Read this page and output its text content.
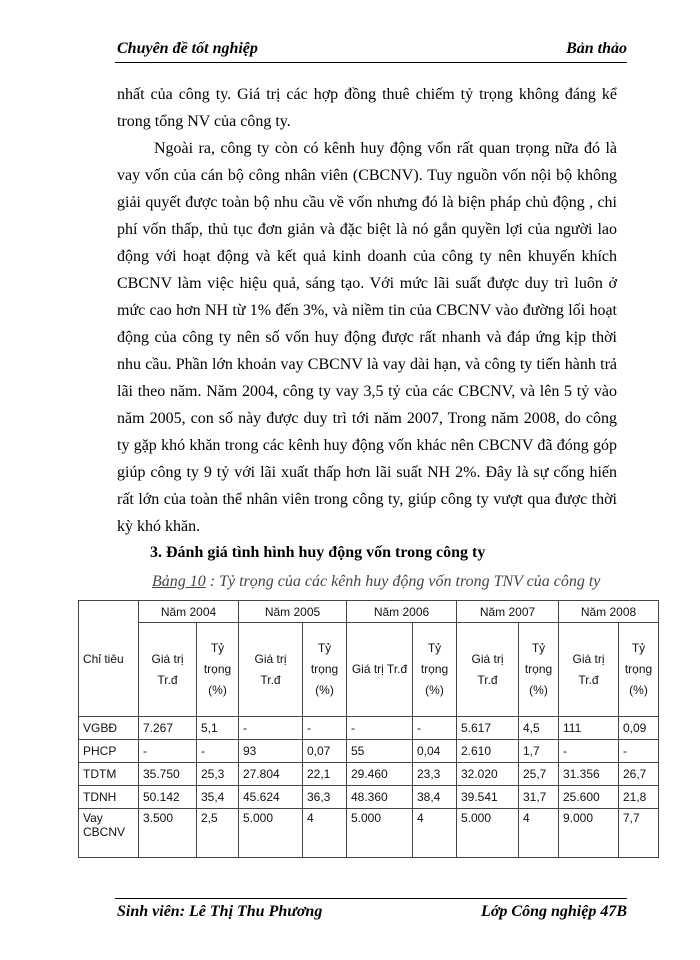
Chuyên đề tốt nghiệp	Bản thảo

nhất của công ty. Giá trị các hợp đồng thuê chiếm tỷ trọng không đáng kể trong tổng NV của công ty.

Ngoài ra, công ty còn có kênh huy động vốn rất quan trọng nữa đó là vay vốn của cán bộ công nhân viên (CBCNV). Tuy nguồn vốn nội bộ không giải quyết được toàn bộ nhu cầu về vốn nhưng đó là biện pháp chủ động , chi phí vốn thấp, thủ tục đơn giản và đặc biệt là nó gắn quyền lợi của người lao động với hoạt động và kết quả kinh doanh của công ty nên khuyến khích CBCNV làm việc hiệu quả, sáng tạo. Với mức lãi suất được duy trì luôn ở mức cao hơn NH từ 1% đến 3%, và niềm tin của CBCNV vào đường lối hoạt động của công ty nên số vốn huy động được rất nhanh và đáp ứng kịp thời nhu cầu. Phần lớn khoản vay CBCNV là vay dài hạn, và công ty tiến hành trả lãi theo năm. Năm 2004, công ty vay 3,5 tỷ của các CBCNV, và lên 5 tỷ vào năm 2005, con số này được duy trì tới năm 2007, Trong năm 2008, do công ty gặp khó khăn trong các kênh huy động vốn khác nên CBCNV đã đóng góp giúp công ty 9 tỷ với lãi xuất thấp hơn lãi suất NH 2%. Đây là sự cống hiến rất lớn của toàn thể nhân viên trong công ty, giúp công ty vượt qua được thời kỳ khó khăn.

3. Đánh giá tình hình huy động vốn trong công ty
Bảng 10 : Tỷ trọng của các kênh huy động vốn trong TNV của công ty
Chỉ tiêu	Năm 2004		Năm 2005		Năm 2006		Năm 2007		Năm 2008	
	Giá trị Tr.đ	Tỷ trọng (%)	Giá trị Tr.đ	Tỷ trọng (%)	Giá trị Tr.đ	Tỷ trọng (%)	Giá trị Tr.đ	Tỷ trọng (%)	Giá trị Tr.đ	Tỷ trọng (%)
VGBĐ	7.267	5,1	-	-	-	-	5.617	4,5	111	0,09
PHCP	-	-	93	0,07	55	0,04	2.610	1,7	-	-
TDTM	35.750	25,3	27.804	22,1	29.460	23,3	32.020	25,7	31.356	26,7
TDNH	50.142	35,4	45.624	36,3	48.360	38,4	39.541	31,7	25.600	21,8
Vay CBCNV	3.500	2,5	5.000	4	5.000	4	5.000	4	9.000	7,7
Sinh viên: Lê Thị Thu Phương	Lớp Công nghiệp 47B
